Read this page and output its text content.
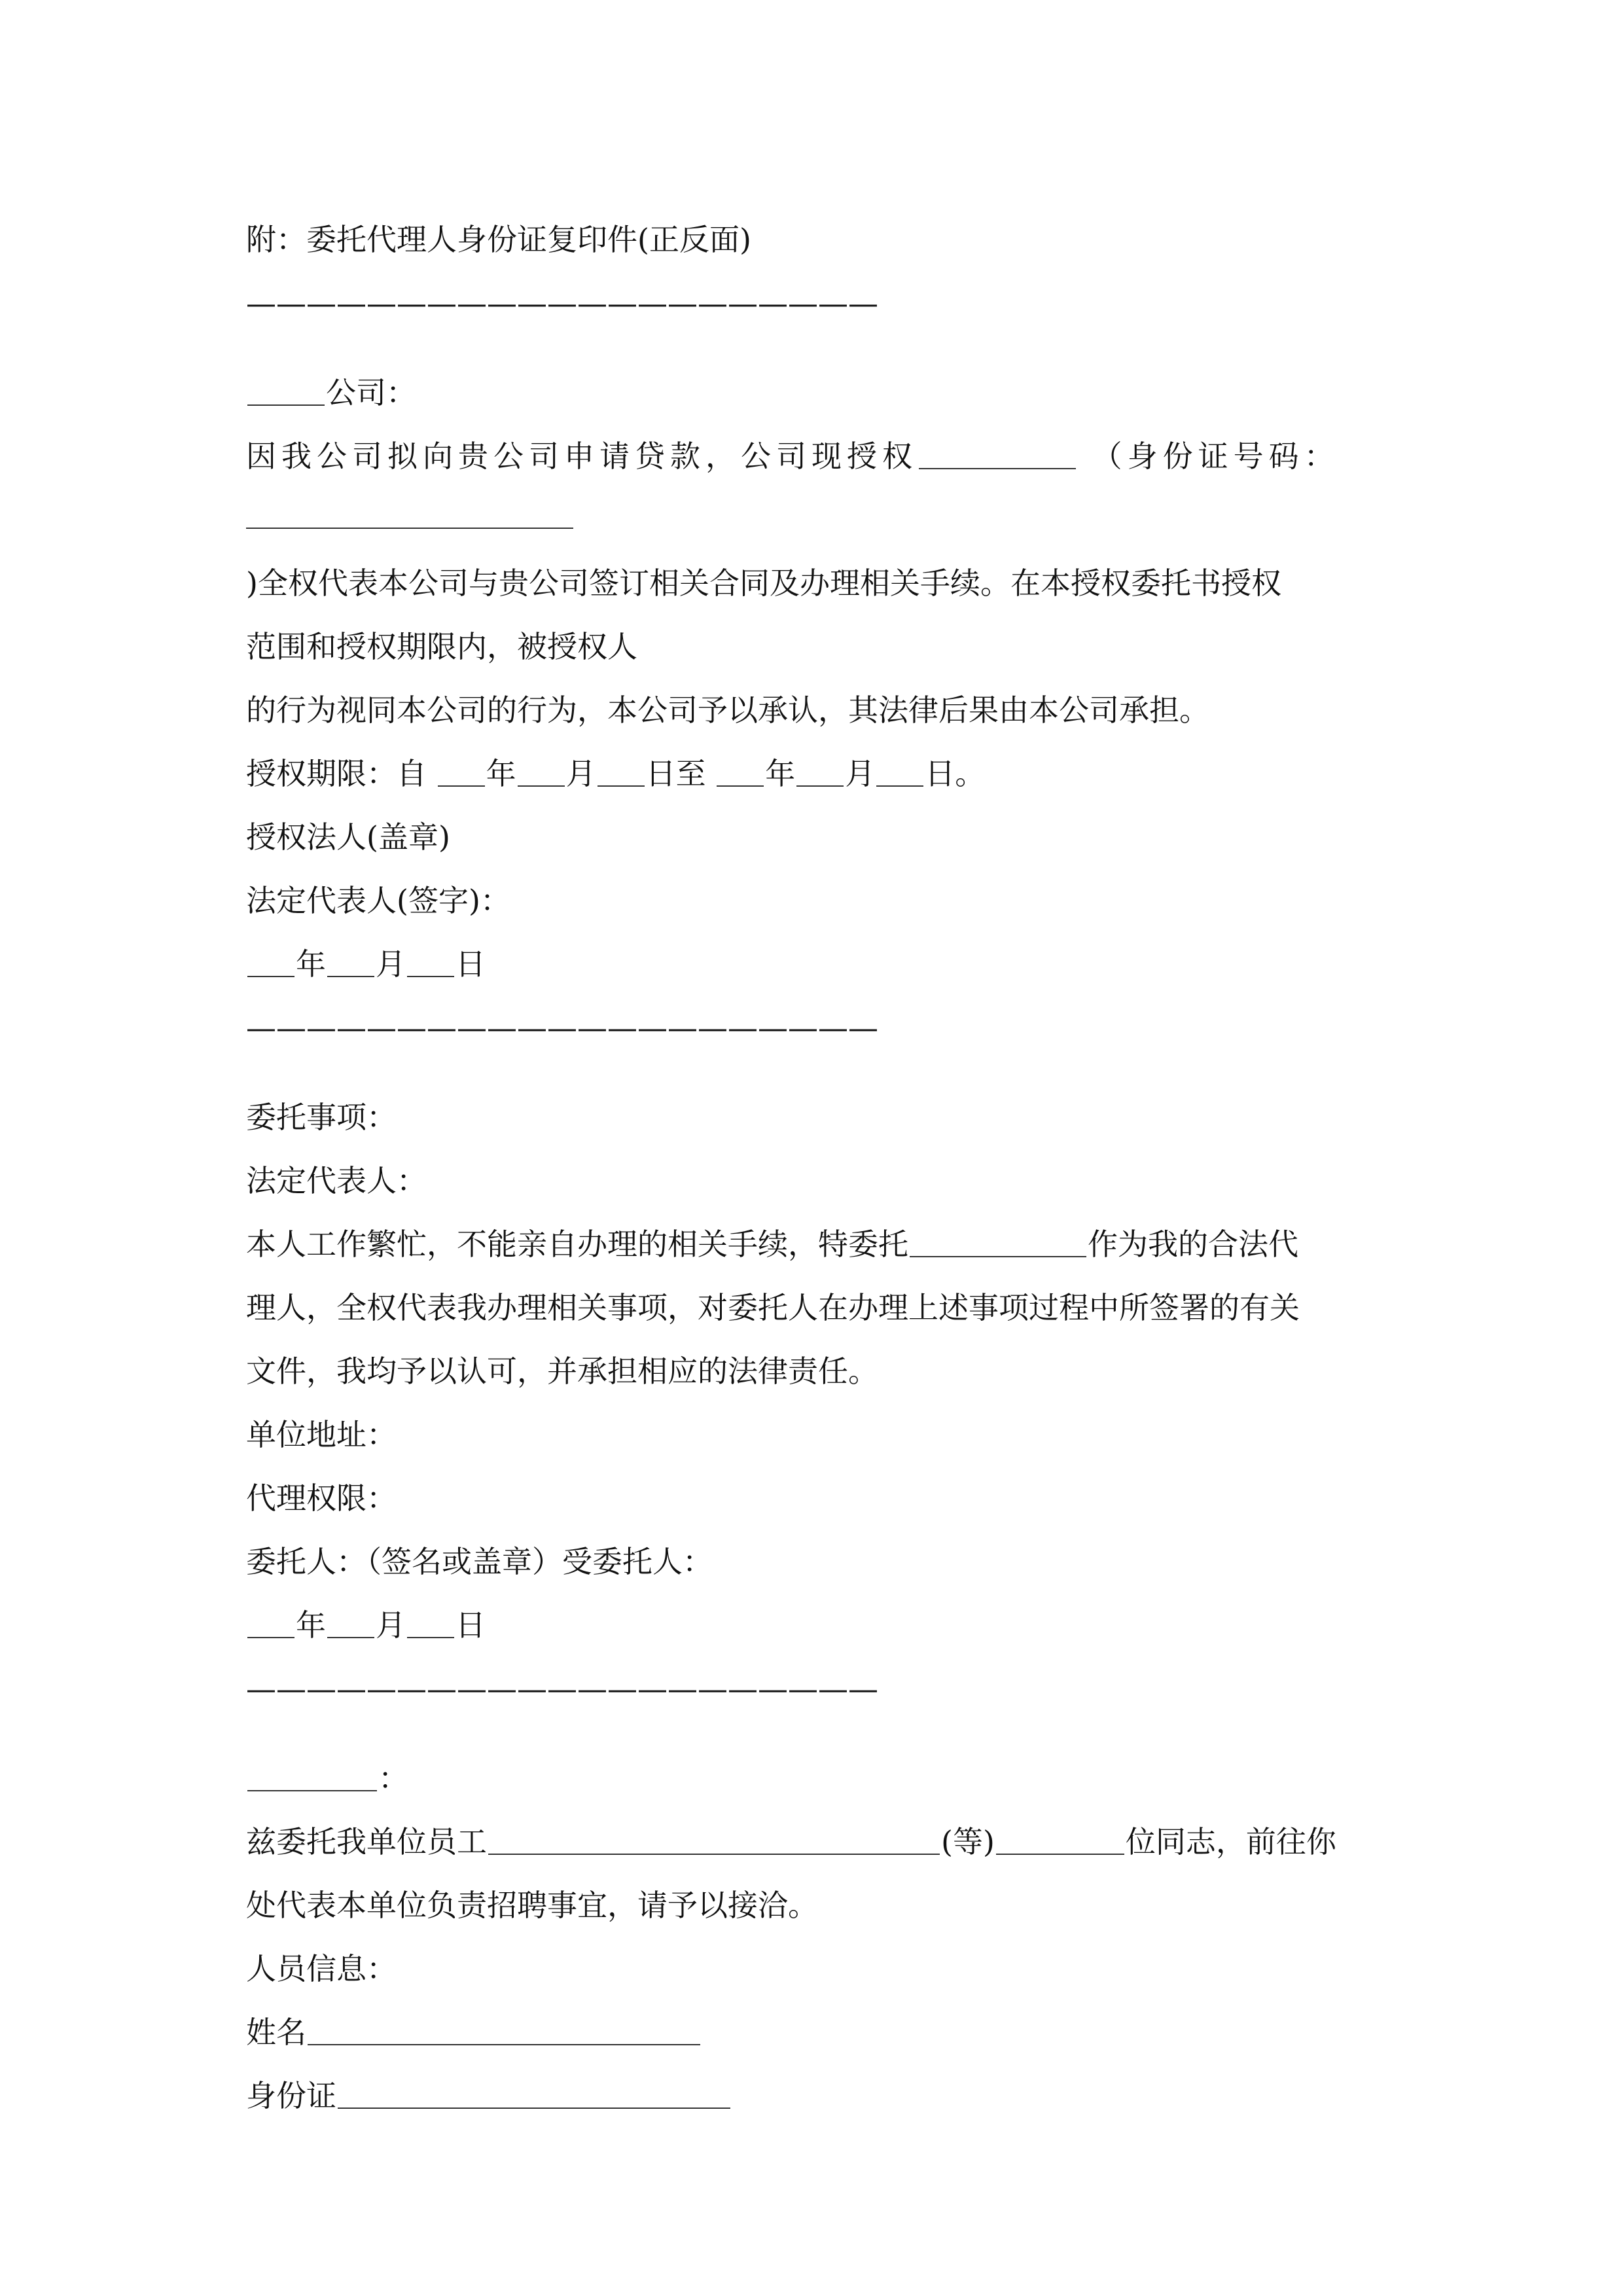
附：委托代理人身份证复印件(正反面)
—————————————————————
公司：
因我公司拟向贵公司申请贷款，公司现授权	（身份证号码：
)全权代表本公司与贵公司签订相关合同及办理相关手续。在本授权委托书授权
范围和授权期限内，被授权人
的行为视同本公司的行为，本公司予以承认，其法律后果由本公司承担。
授权期限：自 年 月 日至 年 月 日。
授权法人(盖章)
法定代表人(签字)：
年 月 日
—————————————————————
委托事项：
法定代表人：
本人工作繁忙，不能亲自办理的相关手续，特委托	作为我的合法代
理人，全权代表我办理相关事项，对委托人在办理上述事项过程中所签署的有关
文件，我均予以认可，并承担相应的法律责任。
单位地址：
代理权限：
委托人：（签名或盖章）受委托人：
年 月 日
—————————————————————
：
兹委托我单位员工	(等)	位同志，前往你
处代表本单位负责招聘事宜，请予以接洽。
人员信息：
姓名
身份证
